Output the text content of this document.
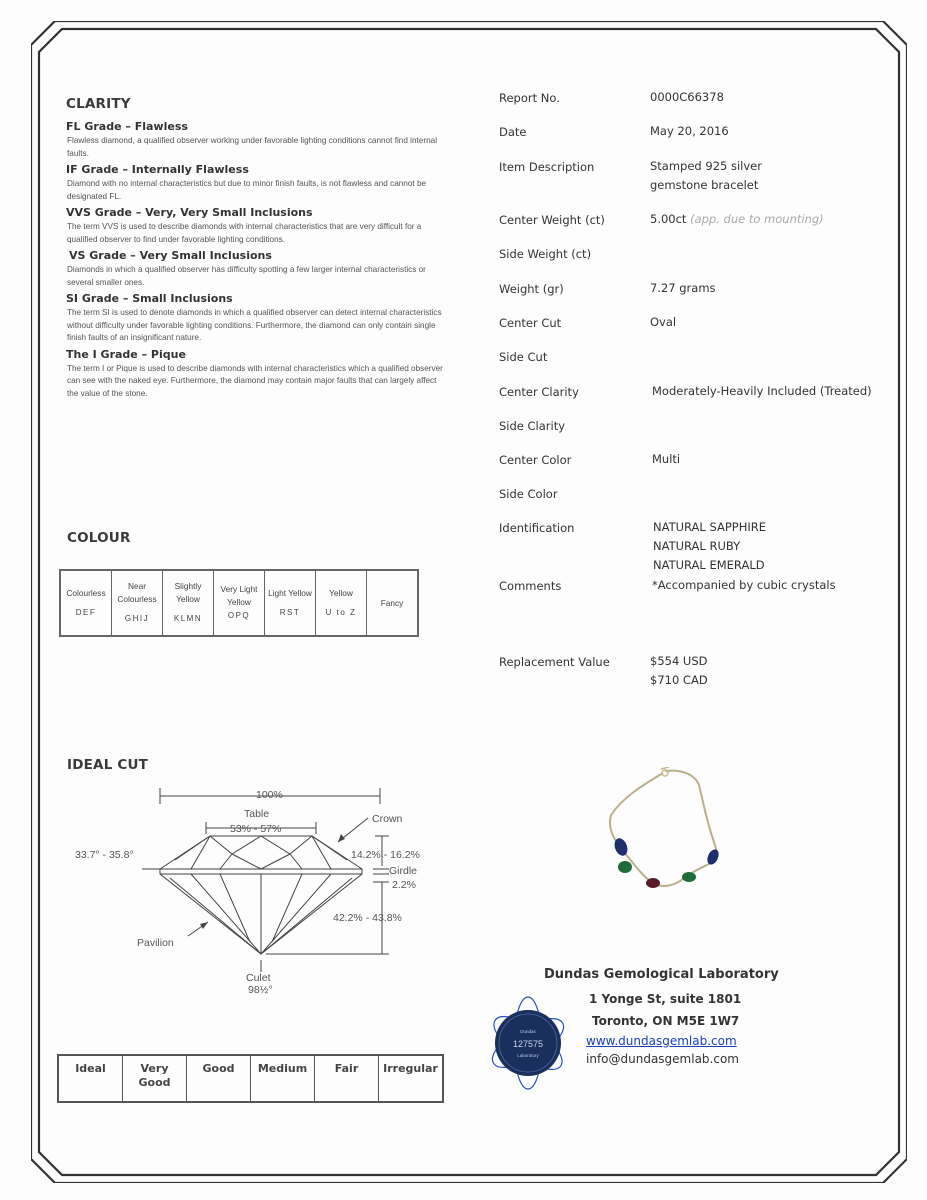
CLARITY
FL Grade – Flawless
Flawless diamond, a qualified observer working under favorable lighting conditions cannot find internal faults.
IF Grade – Internally Flawless
Diamond with no internal characteristics but due to minor finish faults, is not flawless and cannot be designated FL.
VVS Grade – Very, Very Small Inclusions
The term VVS is used to describe diamonds with internal characteristics that are very difficult for a qualified observer to find under favorable lighting conditions.
VS Grade – Very Small Inclusions
Diamonds in which a qualified observer has difficulty spotting a few larger internal characteristics or several smaller ones.
SI Grade – Small Inclusions
The term SI is used to denote diamonds in which a qualified observer can detect internal characteristics without difficulty under favorable lighting conditions. Furthermore, the diamond can only contain single finish faults of an insignificant nature.
The I Grade – Pique
The term I or Pique is used to describe diamonds with internal characteristics which a qualified observer can see with the naked eye. Furthermore, the diamond may contain major faults that can largely affect the value of the stone.
COLOUR
Colourless
DEF
	Near Colourless
GHIJ
	Slightly Yellow
KLMN
	Very Light Yellow
OPQ
	Light Yellow
RST
	Yellow
U to Z
	Fancy
IDEAL CUT
100%
Table
53% - 57%
Crown
33.7° - 35.8°	14.2% - 16.2%
Girdle
2.2%
42.2% - 43.8%
Pavilion
Culet
98½°
Ideal	Very Good	Good	Medium	Fair	Irregular
Report No.	0000C66378
Date	May 20, 2016
Item Description	Stamped 925 silver
gemstone bracelet
Center Weight (ct)	5.00ct (app. due to mounting)
Side Weight (ct)
Weight (gr)	7.27 grams
Center Cut	Oval
Side Cut
Center Clarity	Moderately-Heavily Included (Treated)
Side Clarity
Center Color	Multi
Side Color
Identification	NATURAL SAPPHIRE
NATURAL RUBY
NATURAL EMERALD
Comments	*Accompanied by cubic crystals
Replacement Value	$554 USD
$710 CAD
Dundas
127575
Laboratory
Dundas Gemological Laboratory
1 Yonge St, suite 1801
Toronto, ON M5E 1W7
www.dundasgemlab.com
info@dundasgemlab.com
